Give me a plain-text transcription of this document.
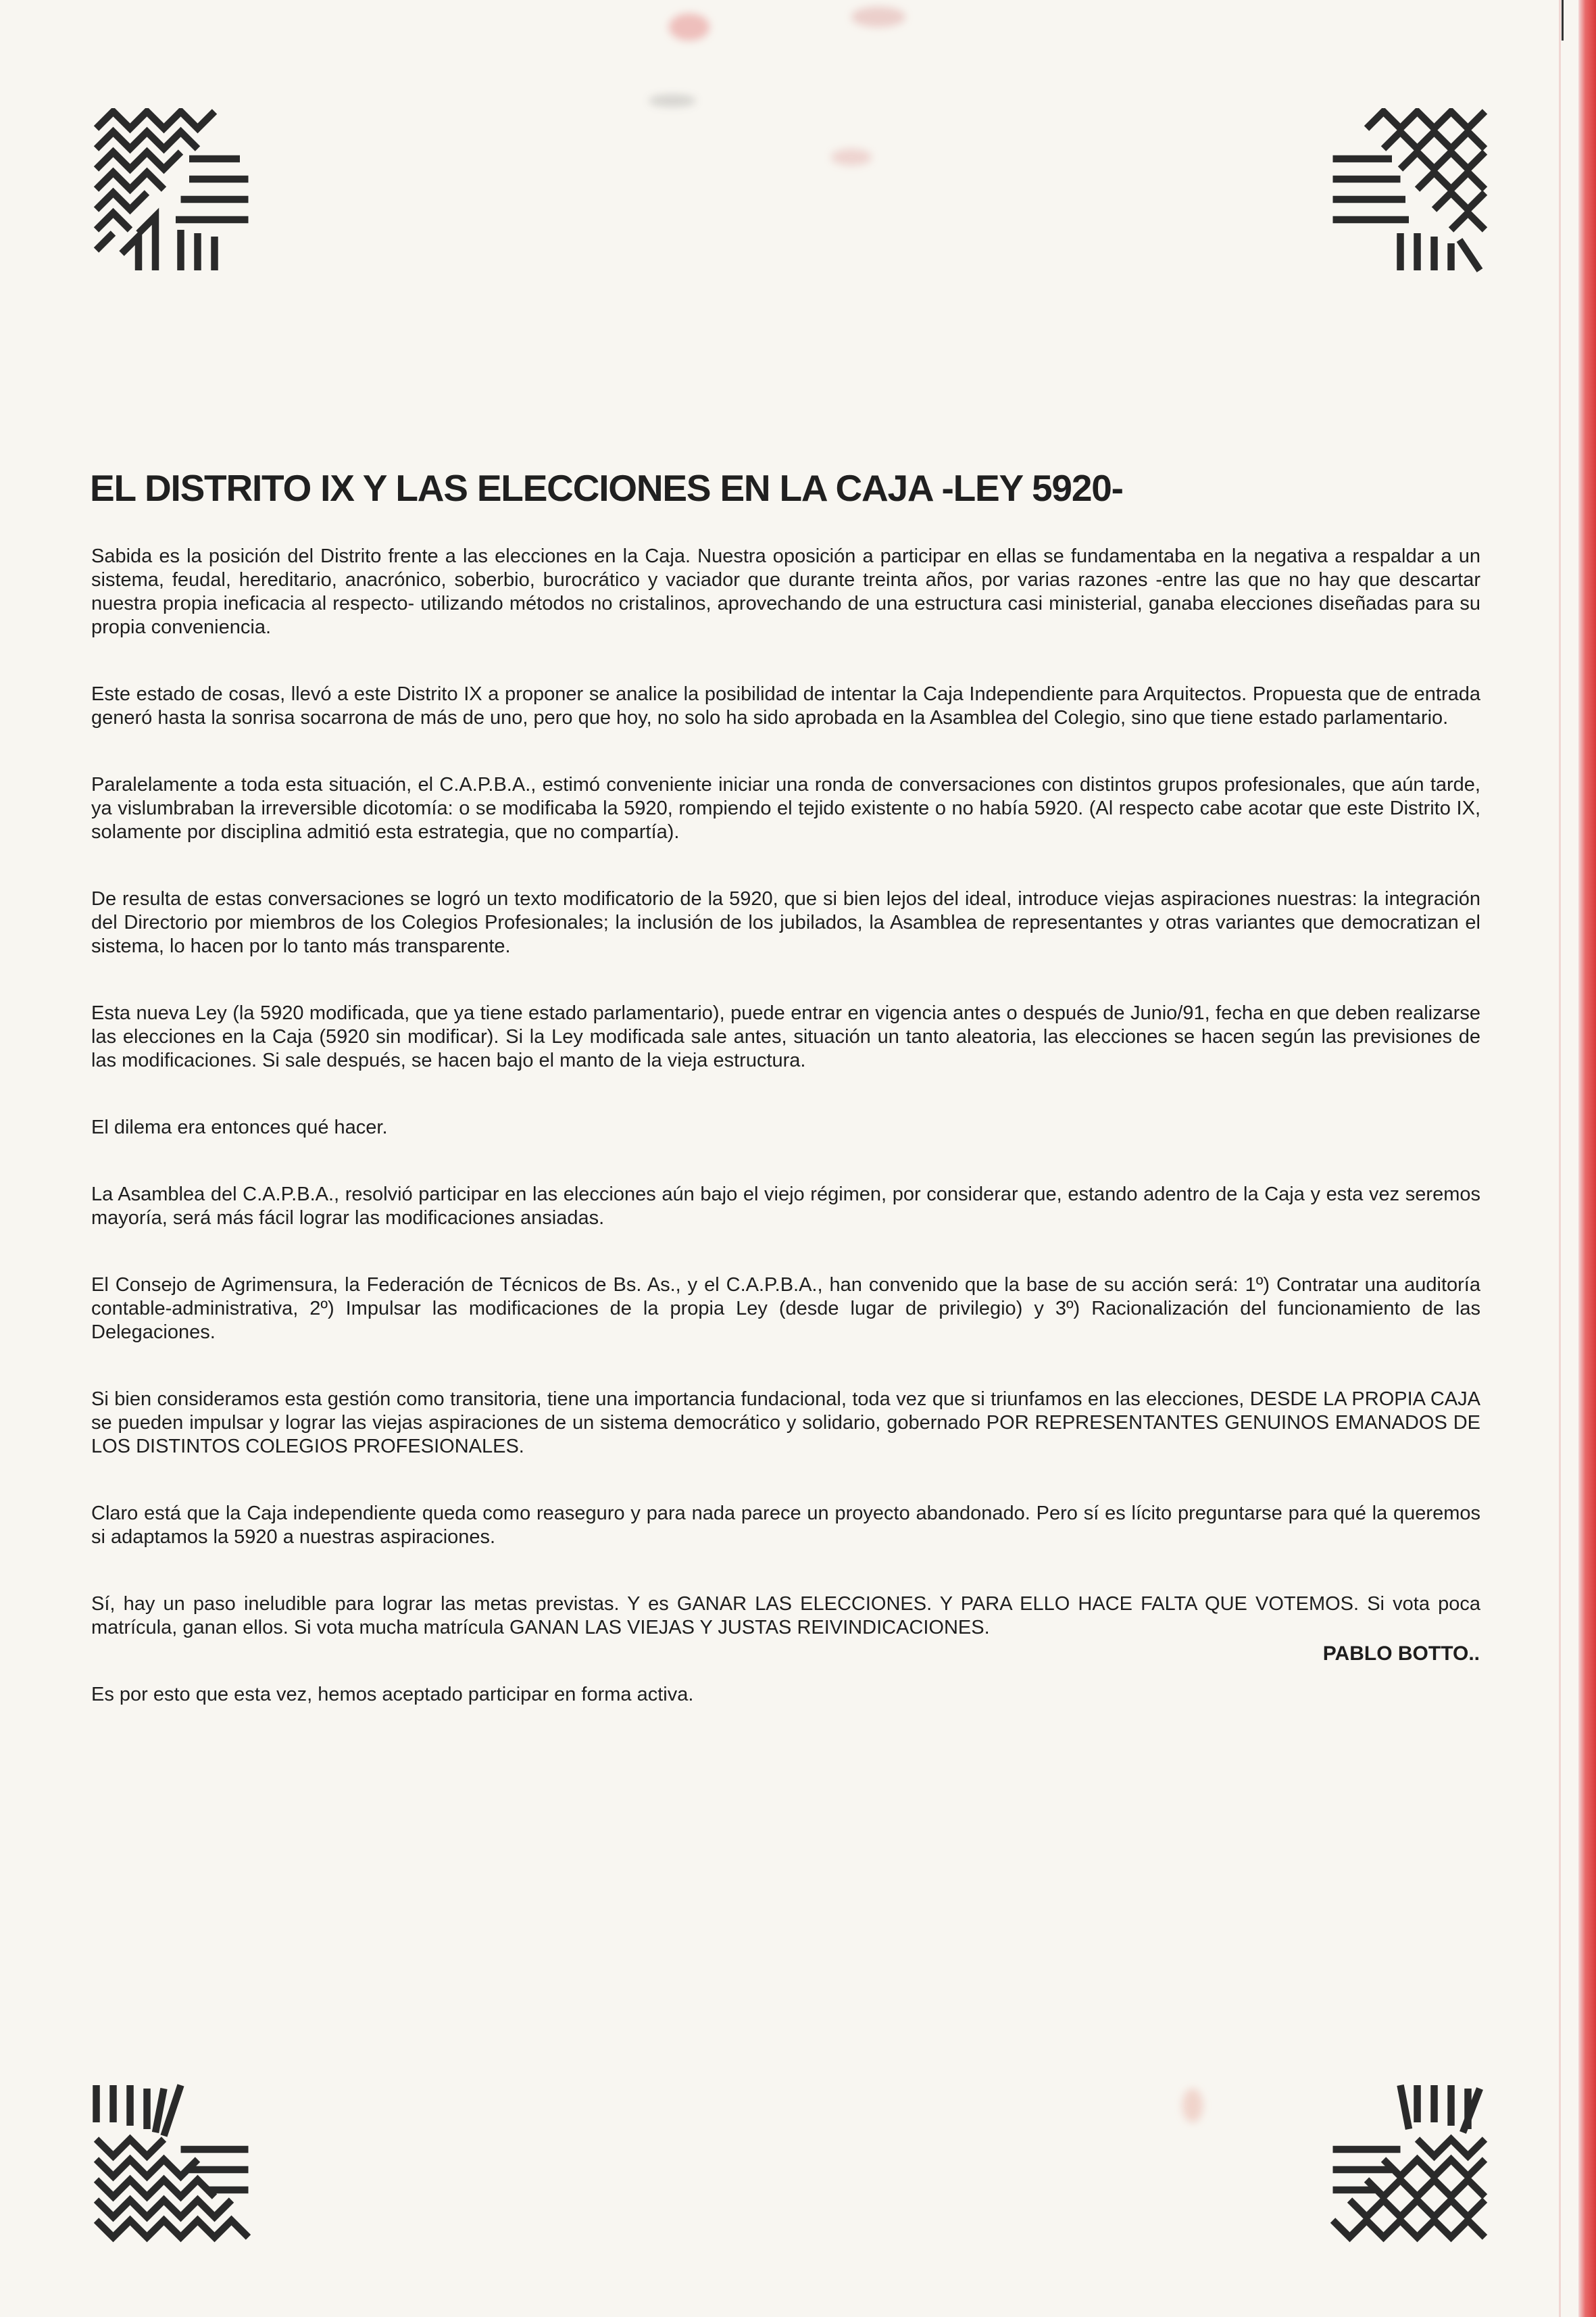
EL DISTRITO IX Y LAS ELECCIONES EN LA CAJA -LEY 5920-

Sabida es la posición del Distrito frente a las elecciones en la Caja. Nuestra oposición a participar en ellas se fundamentaba en la negativa a respaldar a un sistema, feudal, hereditario, anacrónico, soberbio, burocrático y vaciador que durante treinta años, por varias razones -entre las que no hay que descartar nuestra propia ineficacia al respecto- utilizando métodos no cristalinos, aprovechando de una estructura casi ministerial, ganaba elecciones diseñadas para su propia conveniencia.

Este estado de cosas, llevó a este Distrito IX a proponer se analice la posibilidad de intentar la Caja Independiente para Arquitectos. Propuesta que de entrada generó hasta la sonrisa socarrona de más de uno, pero que hoy, no solo ha sido aprobada en la Asamblea del Colegio, sino que tiene estado parlamentario.

Paralelamente a toda esta situación, el C.A.P.B.A., estimó conveniente iniciar una ronda de conversaciones con distintos grupos profesionales, que aún tarde, ya vislumbraban la irreversible dicotomía: o se modificaba la 5920, rompiendo el tejido existente o no había 5920. (Al respecto cabe acotar que este Distrito IX, solamente por disciplina admitió esta estrategia, que no compartía).

De resulta de estas conversaciones se logró un texto modificatorio de la 5920, que si bien lejos del ideal, introduce viejas aspiraciones nuestras: la integración del Directorio por miembros de los Colegios Profesionales; la inclusión de los jubilados, la Asamblea de representantes y otras variantes que democratizan el sistema, lo hacen por lo tanto más transparente.

Esta nueva Ley (la 5920 modificada, que ya tiene estado parlamentario), puede entrar en vigencia antes o después de Junio/91, fecha en que deben realizarse las elecciones en la Caja (5920 sin modificar). Si la Ley modificada sale antes, situación un tanto aleatoria, las elecciones se hacen según las previsiones de las modificaciones. Si sale después, se hacen bajo el manto de la vieja estructura.

El dilema era entonces qué hacer.

La Asamblea del C.A.P.B.A., resolvió participar en las elecciones aún bajo el viejo régimen, por considerar que, estando adentro de la Caja y esta vez seremos mayoría, será más fácil lograr las modificaciones ansiadas.

El Consejo de Agrimensura, la Federación de Técnicos de Bs. As., y el C.A.P.B.A., han convenido que la base de su acción será: 1º) Contratar una auditoría contable-administrativa, 2º) Impulsar las modificaciones de la propia Ley (desde lugar de privilegio) y 3º) Racionalización del funcionamiento de las Delegaciones.

Si bien consideramos esta gestión como transitoria, tiene una importancia fundacional, toda vez que si triunfamos en las elecciones, DESDE LA PROPIA CAJA se pueden impulsar y lograr las viejas aspiraciones de un sistema democrático y solidario, gobernado POR REPRESENTANTES GENUINOS EMANADOS DE LOS DISTINTOS COLEGIOS PROFESIONALES.

Claro está que la Caja independiente queda como reaseguro y para nada parece un proyecto abandonado. Pero sí es lícito preguntarse para qué la queremos si adaptamos la 5920 a nuestras aspiraciones.

Sí, hay un paso ineludible para lograr las metas previstas. Y es GANAR LAS ELECCIONES. Y PARA ELLO HACE FALTA QUE VOTEMOS. Si vota poca matrícula, ganan ellos. Si vota mucha matrícula GANAN LAS VIEJAS Y JUSTAS REIVINDICACIONES.

Es por esto que esta vez, hemos aceptado participar en forma activa.

PABLO BOTTO..
